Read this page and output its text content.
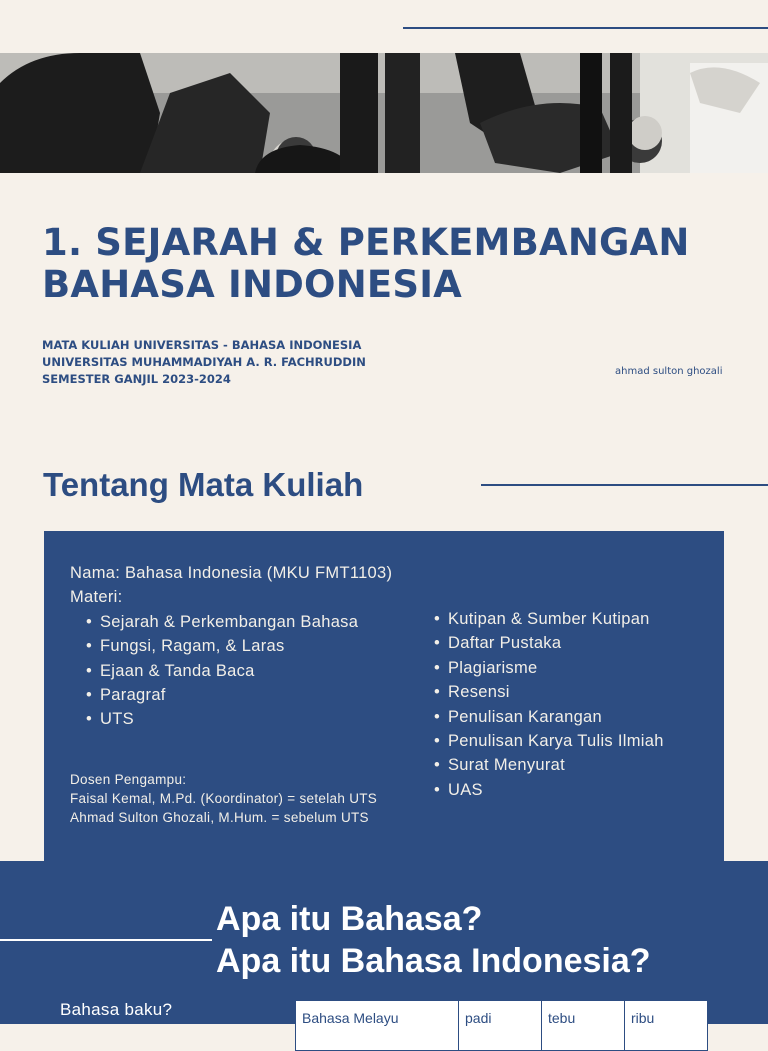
1. SEJARAH & PERKEMBANGAN
BAHASA INDONESIA
MATA KULIAH UNIVERSITAS - BAHASA INDONESIA
UNIVERSITAS MUHAMMADIYAH A. R. FACHRUDDIN
SEMESTER GANJIL 2023-2024
ahmad sulton ghozali
Tentang Mata Kuliah
Nama: Bahasa Indonesia (MKU FMT1103)
Materi:
• Sejarah & Perkembangan Bahasa
• Fungsi, Ragam, & Laras
• Ejaan & Tanda Baca
• Paragraf
• UTS
• Kutipan & Sumber Kutipan
• Daftar Pustaka
• Plagiarisme
• Resensi
• Penulisan Karangan
• Penulisan Karya Tulis Ilmiah
• Surat Menyurat
• UAS
Dosen Pengampu:
Faisal Kemal, M.Pd. (Koordinator) = setelah UTS
Ahmad Sulton Ghozali, M.Hum. = sebelum UTS
Apa itu Bahasa?
Apa itu Bahasa Indonesia?
Bahasa baku?	Bahasa Melayu	padi	tebu	ribu
